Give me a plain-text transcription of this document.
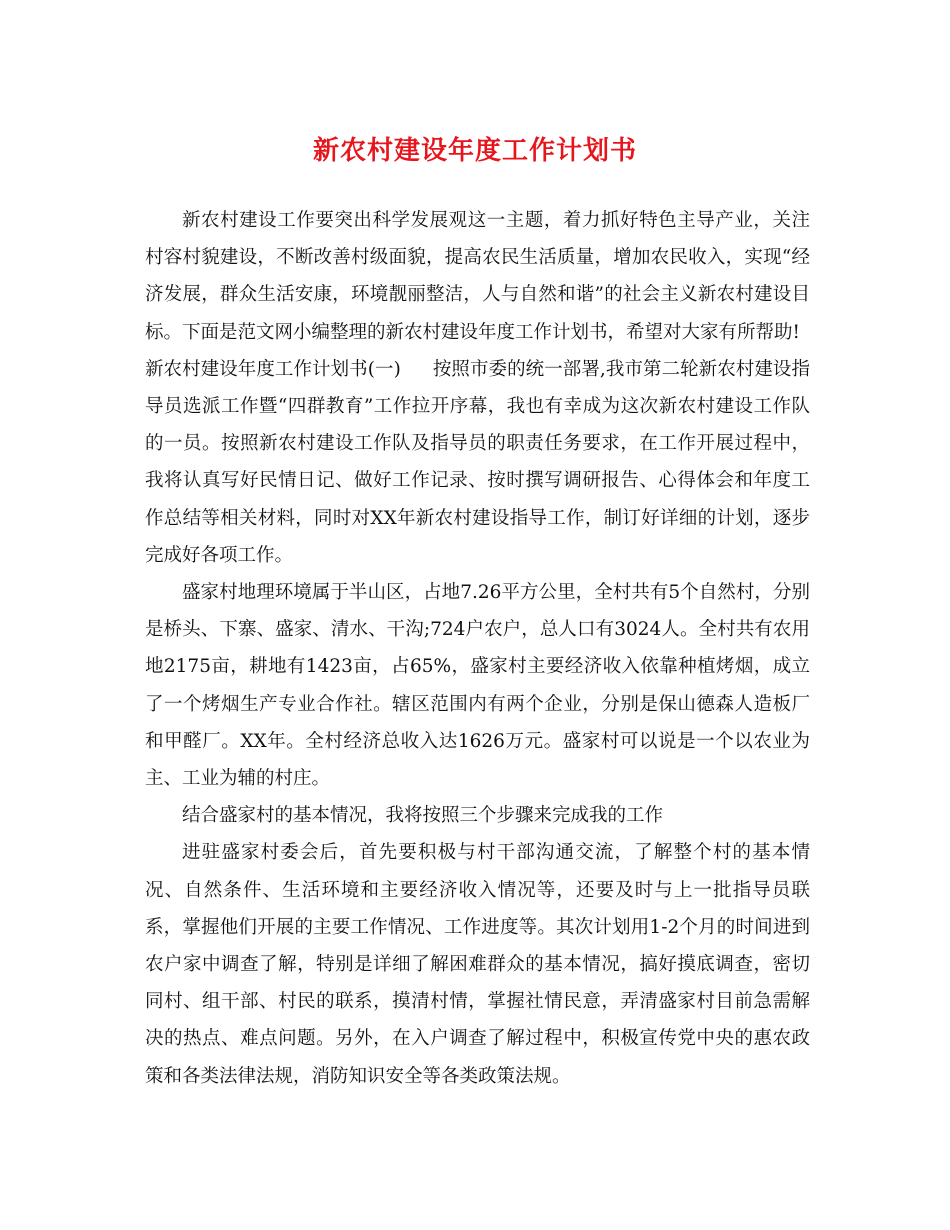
新农村建设年度工作计划书

新农村建设工作要突出科学发展观这一主题，着力抓好特色主导产业，关注村容村貌建设，不断改善村级面貌，提高农民生活质量，增加农民收入，实现“经济发展，群众生活安康，环境靓丽整洁，人与自然和谐”的社会主义新农村建设目标。下面是范文网小编整理的新农村建设年度工作计划书，希望对大家有所帮助!

新农村建设年度工作计划书(一) 按照市委的统一部署,我市第二轮新农村建设指导员选派工作暨“四群教育”工作拉开序幕，我也有幸成为这次新农村建设工作队的一员。按照新农村建设工作队及指导员的职责任务要求，在工作开展过程中，我将认真写好民情日记、做好工作记录、按时撰写调研报告、心得体会和年度工作总结等相关材料，同时对XX年新农村建设指导工作，制订好详细的计划，逐步完成好各项工作。

盛家村地理环境属于半山区，占地7.26平方公里，全村共有5个自然村，分别是桥头、下寨、盛家、清水、干沟;724户农户，总人口有3024人。全村共有农用地2175亩，耕地有1423亩，占65%，盛家村主要经济收入依靠种植烤烟，成立了一个烤烟生产专业合作社。辖区范围内有两个企业，分别是保山德森人造板厂和甲醛厂。XX年。全村经济总收入达1626万元。盛家村可以说是一个以农业为主、工业为辅的村庄。

结合盛家村的基本情况，我将按照三个步骤来完成我的工作

进驻盛家村委会后，首先要积极与村干部沟通交流，了解整个村的基本情况、自然条件、生活环境和主要经济收入情况等，还要及时与上一批指导员联系，掌握他们开展的主要工作情况、工作进度等。其次计划用1-2个月的时间进到农户家中调查了解，特别是详细了解困难群众的基本情况，搞好摸底调查，密切同村、组干部、村民的联系，摸清村情，掌握社情民意，弄清盛家村目前急需解决的热点、难点问题。另外，在入户调查了解过程中，积极宣传党中央的惠农政策和各类法律法规，消防知识安全等各类政策法规。
